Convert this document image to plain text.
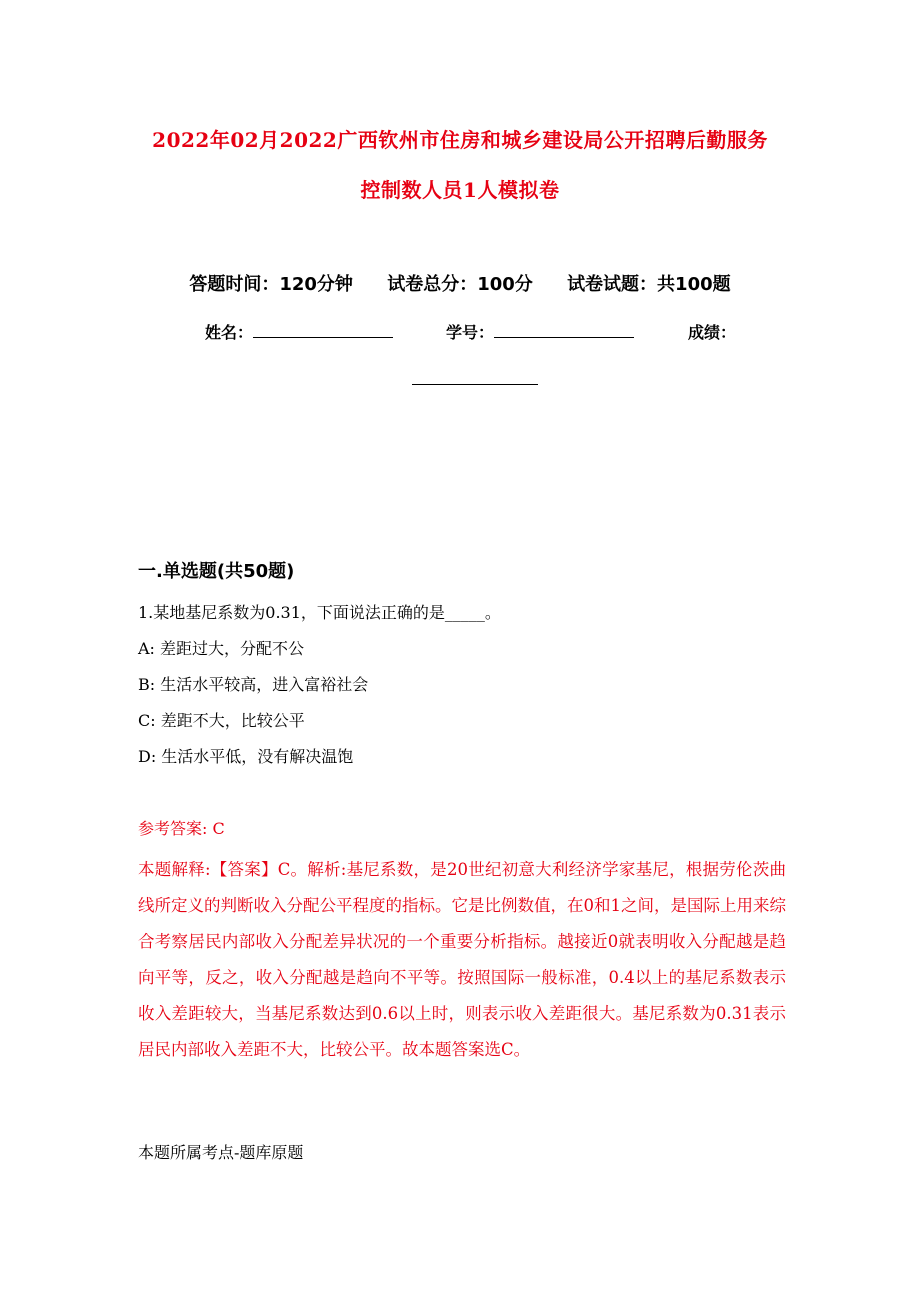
2022年02月2022广西钦州市住房和城乡建设局公开招聘后勤服务
控制数人员1人模拟卷
答题时间：120分钟 试卷总分：100分 试卷试题：共100题
姓名：	学号：	成绩：
一.单选题(共50题)
1.某地基尼系数为0.31，下面说法正确的是_____。
A: 差距过大，分配不公
B: 生活水平较高，进入富裕社会
C: 差距不大，比较公平
D: 生活水平低，没有解决温饱
参考答案: C
本题解释:【答案】C。解析:基尼系数，是20世纪初意大利经济学家基尼，根据劳伦茨曲线所定义的判断收入分配公平程度的指标。它是比例数值，在0和1之间，是国际上用来综合考察居民内部收入分配差异状况的一个重要分析指标。越接近0就表明收入分配越是趋向平等，反之，收入分配越是趋向不平等。按照国际一般标准，0.4以上的基尼系数表示收入差距较大，当基尼系数达到0.6以上时，则表示收入差距很大。基尼系数为0.31表示居民内部收入差距不大，比较公平。故本题答案选C。
本题所属考点-题库原题
